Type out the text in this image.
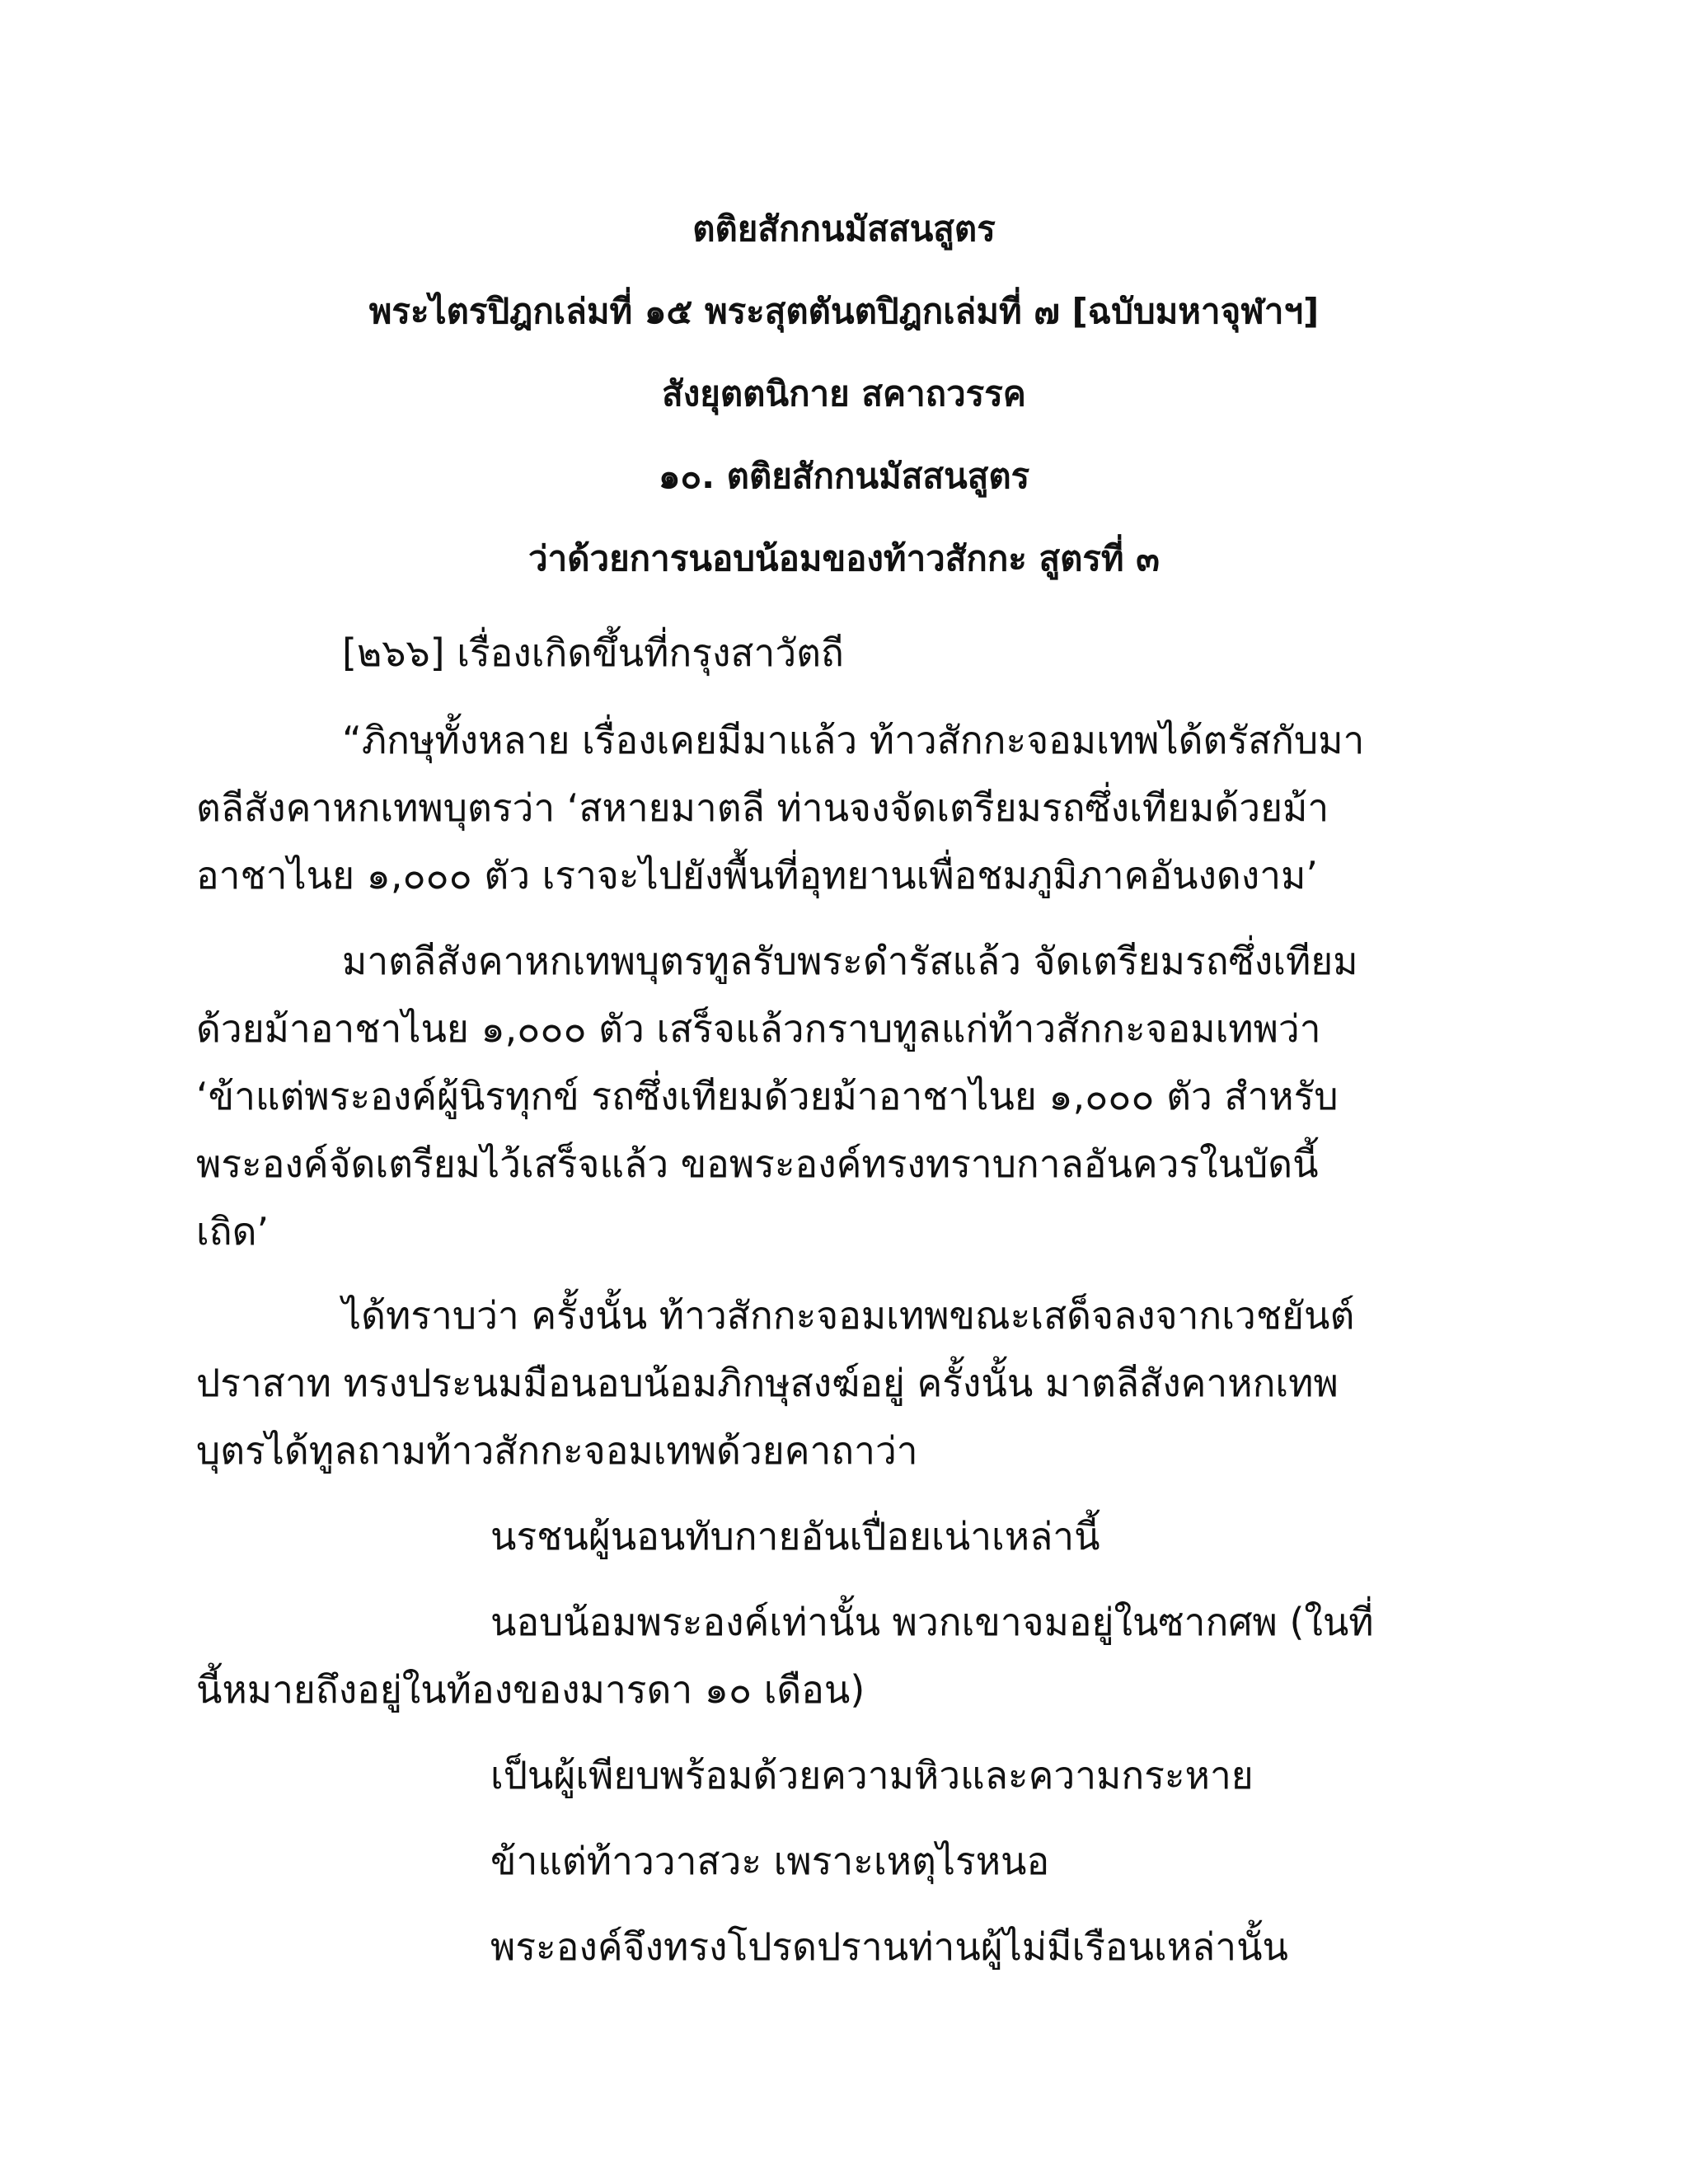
ตติยสักกนมัสสนสูตร
พระไตรปิฎกเล่มที่ ๑๕ พระสุตตันตปิฎกเล่มที่ ๗ [ฉบับมหาจุฬาฯ]
สังยุตตนิกาย สคาถวรรค
๑๐. ตติยสักกนมัสสนสูตร
ว่าด้วยการนอบน้อมของท้าวสักกะ สูตรที่ ๓
[๒๖๖] เรื่องเกิดขึ้นที่กรุงสาวัตถี
“ภิกษุทั้งหลาย เรื่องเคยมีมาแล้ว ท้าวสักกะจอมเทพได้ตรัสกับมา
ตลีสังคาหกเทพบุตรว่า ‘สหายมาตลี ท่านจงจัดเตรียมรถซึ่งเทียมด้วยม้า
อาชาไนย ๑,๐๐๐ ตัว เราจะไปยังพื้นที่อุทยานเพื่อชมภูมิภาคอันงดงาม’
มาตลีสังคาหกเทพบุตรทูลรับพระดำรัสแล้ว จัดเตรียมรถซึ่งเทียม
ด้วยม้าอาชาไนย ๑,๐๐๐ ตัว เสร็จแล้วกราบทูลแก่ท้าวสักกะจอมเทพว่า
‘ข้าแต่พระองค์ผู้นิรทุกข์ รถซึ่งเทียมด้วยม้าอาชาไนย ๑,๐๐๐ ตัว สำหรับ
พระองค์จัดเตรียมไว้เสร็จแล้ว ขอพระองค์ทรงทราบกาลอันควรในบัดนี้
เถิด’
ได้ทราบว่า ครั้งนั้น ท้าวสักกะจอมเทพขณะเสด็จลงจากเวชยันต์
ปราสาท ทรงประนมมือนอบน้อมภิกษุสงฆ์อยู่ ครั้งนั้น มาตลีสังคาหกเทพ
บุตรได้ทูลถามท้าวสักกะจอมเทพด้วยคาถาว่า
นรชนผู้นอนทับกายอันเปื่อยเน่าเหล่านี้
นอบน้อมพระองค์เท่านั้น พวกเขาจมอยู่ในซากศพ (ในที่
นี้หมายถึงอยู่ในท้องของมารดา ๑๐ เดือน)
เป็นผู้เพียบพร้อมด้วยความหิวและความกระหาย
ข้าแต่ท้าววาสวะ เพราะเหตุไรหนอ
พระองค์จึงทรงโปรดปรานท่านผู้ไม่มีเรือนเหล่านั้น
